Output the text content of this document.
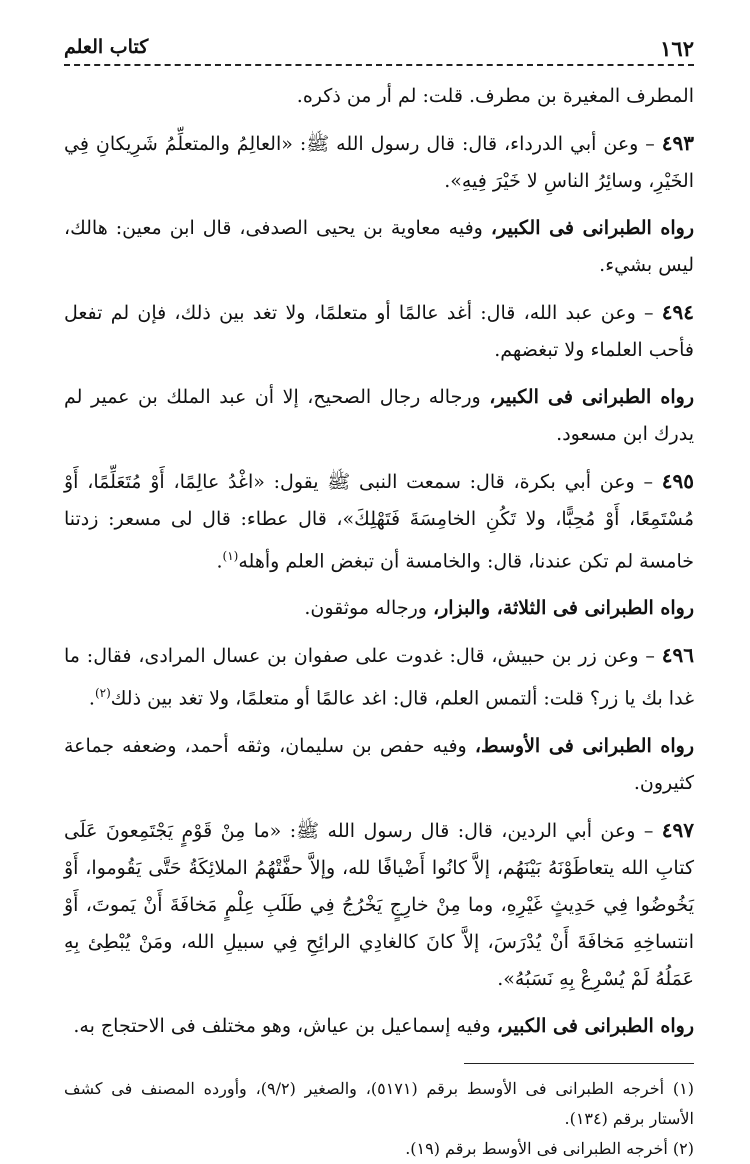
١٦٢
كتاب العلم

المطرف المغيرة بن مطرف. قلت: لم أر من ذكره.

٤٩٣ – وعن أبي الدرداء، قال: قال رسول الله ﷺ: «العالِمُ والمتعلِّمُ شَرِيكانِ فِي الخَيْرِ، وسائِرُ الناسِ لا خَيْرَ فِيهِ».

رواه الطبرانى فى الكبير، وفيه معاوية بن يحيى الصدفى، قال ابن معين: هالك، ليس بشيء.

٤٩٤ – وعن عبد الله، قال: أغد عالمًا أو متعلمًا، ولا تغد بين ذلك، فإن لم تفعل فأحب العلماء ولا تبغضهم.

رواه الطبرانى فى الكبير، ورجاله رجال الصحيح، إلا أن عبد الملك بن عمير لم يدرك ابن مسعود.

٤٩٥ – وعن أبي بكرة، قال: سمعت النبى ﷺ يقول: «اغْدُ عالِمًا، أَوْ مُتَعَلِّمًا، أَوْ مُسْتَمِعًا، أَوْ مُحِبًّا، ولا تَكُنِ الخامِسَةَ فَتَهْلِكَ»، قال عطاء: قال لى مسعر: زدتنا خامسة لم تكن عندنا، قال: والخامسة أن تبغض العلم وأهله$^{(١)}$.

رواه الطبرانى فى الثلاثة، والبزار، ورجاله موثقون.

٤٩٦ – وعن زر بن حبيش، قال: غدوت على صفوان بن عسال المرادى، فقال: ما غدا بك يا زر؟ قلت: ألتمس العلم، قال: اغد عالمًا أو متعلمًا، ولا تغد بين ذلك$^{(٢)}$.

رواه الطبرانى فى الأوسط، وفيه حفص بن سليمان، وثقه أحمد، وضعفه جماعة كثيرون.

٤٩٧ – وعن أبي الردين، قال: قال رسول الله ﷺ: «ما مِنْ قَوْمٍ يَجْتَمِعونَ عَلَى كتابِ الله يتعاطَوْنَهُ بَيْنَهُم، إلاَّ كانُوا أَضْيافًا لله، وإلاَّ حفَّتْهُمُ الملائِكَةُ حَتَّى يَقُوموا، أَوْ يَخُوضُوا فِي حَدِيثٍ غَيْرِهِ، وما مِنْ خارِجٍ يَخْرُجُ فِي طَلَبِ عِلْمٍ مَخافَةَ أَنْ يَموتَ، أَوْ انتساخِهِ مَخافَةَ أَنْ يُدْرَسَ، إلاَّ كانَ كالغادِي الرائِحِ فِي سبيلِ الله، ومَنْ يُبْطِئ بِهِ عَمَلُهُ لَمْ يُسْرِعْ بِهِ نَسَبُهُ».

رواه الطبرانى فى الكبير، وفيه إسماعيل بن عياش، وهو مختلف فى الاحتجاج به.

(١) أخرجه الطبرانى فى الأوسط برقم (٥١٧١)، والصغير (٩/٢)، وأورده المصنف فى كشف الأستار برقم (١٣٤).

(٢) أخرجه الطبرانى فى الأوسط برقم (١٩).
